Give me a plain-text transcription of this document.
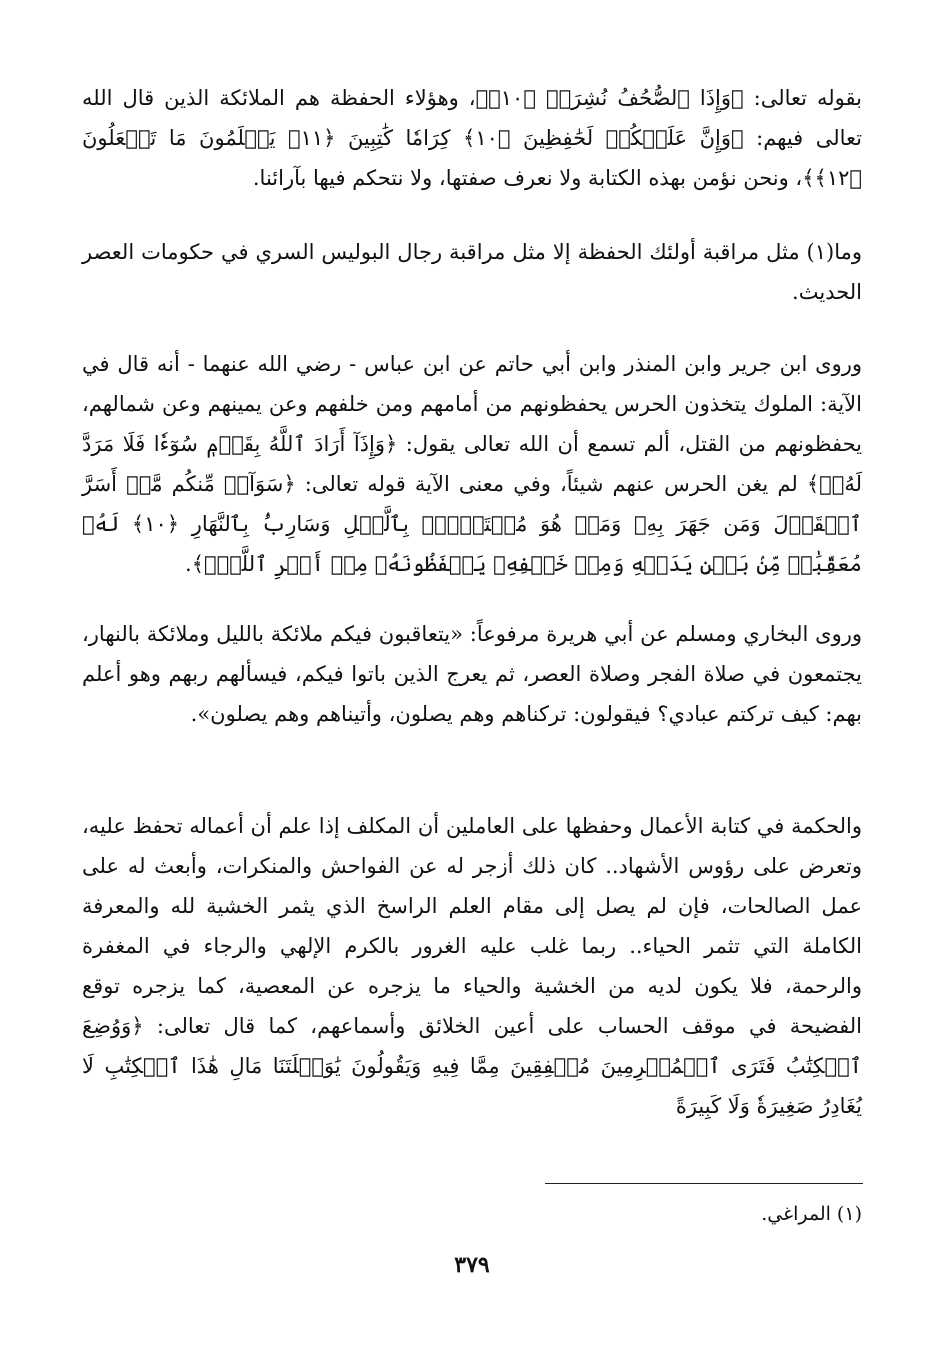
بقوله تعالى: ﴿وَإِذَا ٱلصُّحُفُ نُشِرَتۡ ﴿١٠﴾﴾، وهؤلاء الحفظة هم الملائكة الذين قال الله تعالى فيهم: ﴿وَإِنَّ عَلَيۡكُمۡ لَحَٰفِظِينَ ﴿١٠﴾ كِرَامٗا كَٰتِبِينَ ﴿١١﴾ يَعۡلَمُونَ مَا تَفۡعَلُونَ ﴿١٢﴾﴾، ونحن نؤمن بهذه الكتابة ولا نعرف صفتها، ولا نتحكم فيها بآرائنا.

وما(١) مثل مراقبة أولئك الحفظة إلا مثل مراقبة رجال البوليس السري في حكومات العصر الحديث.

وروى ابن جرير وابن المنذر وابن أبي حاتم عن ابن عباس - رضي الله عنهما - أنه قال في الآية: الملوك يتخذون الحرس يحفظونهم من أمامهم ومن خلفهم وعن يمينهم وعن شمالهم، يحفظونهم من القتل، ألم تسمع أن الله تعالى يقول: ﴿وَإِذَآ أَرَادَ ٱللَّهُ بِقَوۡمٖ سُوٓءٗا فَلَا مَرَدَّ لَهُۥۚ﴾ لم يغن الحرس عنهم شيئاً، وفي معنى الآية قوله تعالى: ﴿سَوَآءٞ مِّنكُم مَّنۡ أَسَرَّ ٱلۡقَوۡلَ وَمَن جَهَرَ بِهِۦ وَمَنۡ هُوَ مُسۡتَخۡفِۭ بِٱلَّيۡلِ وَسَارِبُۢ بِٱلنَّهَارِ ﴿١٠﴾ لَهُۥ مُعَقِّبَٰتٞ مِّنۢ بَيۡنِ يَدَيۡهِ وَمِنۡ خَلۡفِهِۦ يَحۡفَظُونَهُۥ مِنۡ أَمۡرِ ٱللَّهِۗ﴾.

وروى البخاري ومسلم عن أبي هريرة مرفوعاً: «يتعاقبون فيكم ملائكة بالليل وملائكة بالنهار، يجتمعون في صلاة الفجر وصلاة العصر، ثم يعرج الذين باتوا فيكم، فيسألهم ربهم وهو أعلم بهم: كيف تركتم عبادي؟ فيقولون: تركناهم وهم يصلون، وأتيناهم وهم يصلون».

والحكمة في كتابة الأعمال وحفظها على العاملين أن المكلف إذا علم أن أعماله تحفظ عليه، وتعرض على رؤوس الأشهاد.. كان ذلك أزجر له عن الفواحش والمنكرات، وأبعث له على عمل الصالحات، فإن لم يصل إلى مقام العلم الراسخ الذي يثمر الخشية لله والمعرفة الكاملة التي تثمر الحياء.. ربما غلب عليه الغرور بالكرم الإلهي والرجاء في المغفرة والرحمة، فلا يكون لديه من الخشية والحياء ما يزجره عن المعصية، كما يزجره توقع الفضيحة في موقف الحساب على أعين الخلائق وأسماعهم، كما قال تعالى: ﴿وَوُضِعَ ٱلۡكِتَٰبُ فَتَرَى ٱلۡمُجۡرِمِينَ مُشۡفِقِينَ مِمَّا فِيهِ وَيَقُولُونَ يَٰوَيۡلَتَنَا مَالِ هَٰذَا ٱلۡكِتَٰبِ لَا يُغَادِرُ صَغِيرَةٗ وَلَا كَبِيرَةً

(١) المراغي.
٣٧٩
